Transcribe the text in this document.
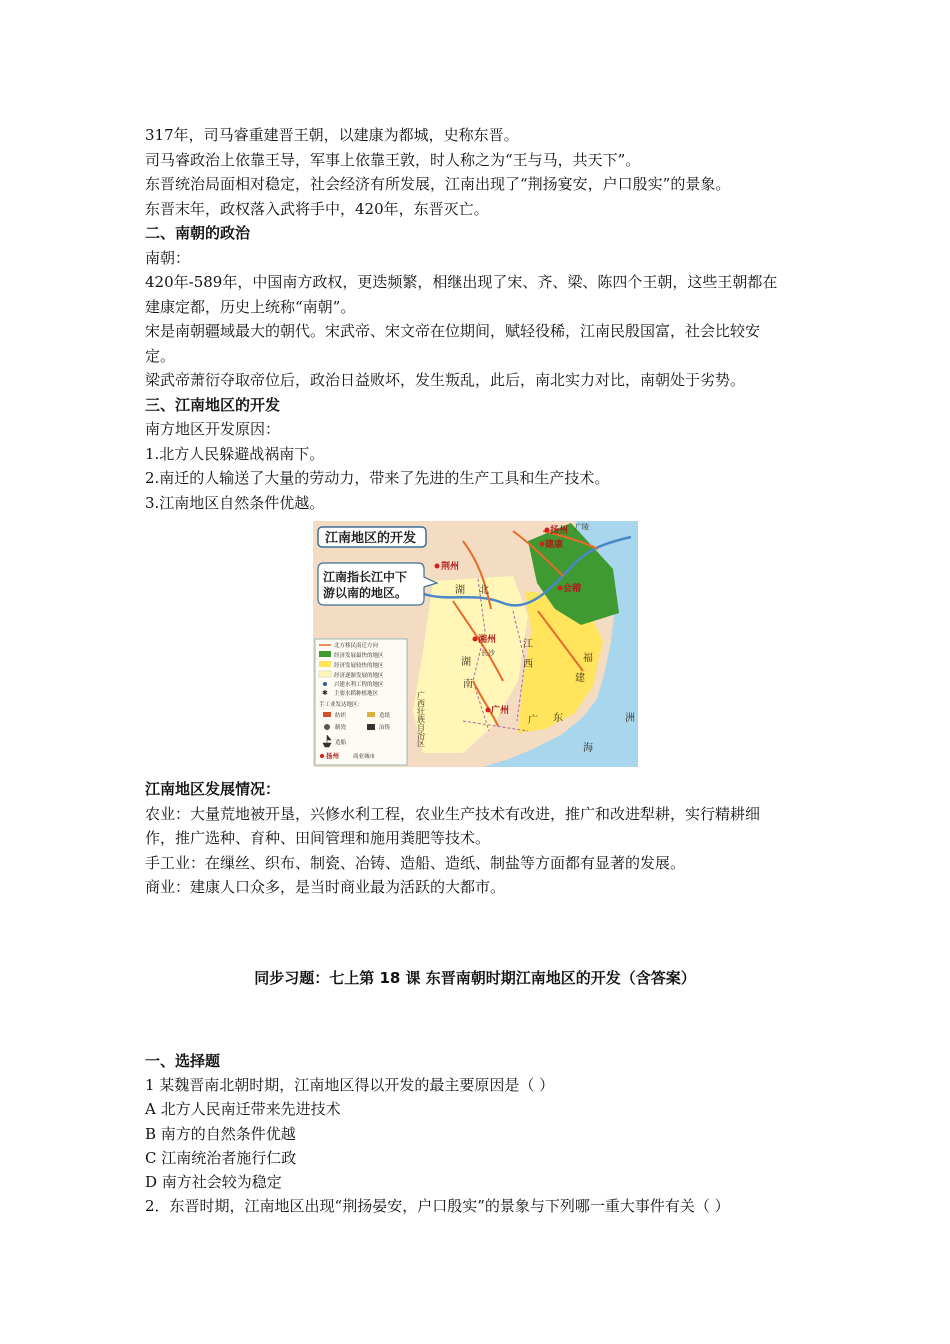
317年，司马睿重建晋王朝，以建康为都城，史称东晋。

司马睿政治上依靠王导，军事上依靠王敦，时人称之为“王与马，共天下”。

东晋统治局面相对稳定，社会经济有所发展，江南出现了“荆扬宴安，户口殷实”的景象。

东晋末年，政权落入武将手中，420年，东晋灭亡。

二、南朝的政治

南朝：

420年-589年，中国南方政权，更迭频繁，相继出现了宋、齐、梁、陈四个王朝，这些王朝都在

建康定都，历史上统称“南朝”。

宋是南朝疆域最大的朝代。宋武帝、宋文帝在位期间，赋轻役稀，江南民殷国富，社会比较安

定。

梁武帝萧衍夺取帝位后，政治日益败坏，发生叛乱，此后，南北实力对比，南朝处于劣势。

三、江南地区的开发

南方地区开发原因：

1.北方人民躲避战祸南下。

2.南迁的人输送了大量的劳动力，带来了先进的生产工具和生产技术。

3.江南地区自然条件优越。

江南地区发展情况：

农业：大量荒地被开垦，兴修水利工程，农业生产技术有改进，推广和改进犁耕，实行精耕细

作，推广选种、育种、田间管理和施用粪肥等技术。

手工业：在缫丝、织布、制瓷、冶铸、造船、造纸、制盐等方面都有显著的发展。

商业：建康人口众多，是当时商业最为活跃的大都市。

江南地区的开发
江南指长江中下
游以南的地区。	湖 北
湖
南
江
西
福
建
广 东
海
洲
广西壮族自治区
荆州
湘州
广州
扬州
建康
会稽
长沙
广陵
北方移民南迁方向
经济发展最快的地区
经济发展较快的地区
经济逐渐发展的地区
兴建水利工程的地区
✱ 主要水稻种植地区
手工业发达地区：
纺织	造纸
制瓷	冶铸
造船
扬州	商业城市
同步习题：七上第 18 课 东晋南朝时期江南地区的开发（含答案）

一、选择题

1 某魏晋南北朝时期，江南地区得以开发的最主要原因是（ ）

A 北方人民南迁带来先进技术

B 南方的自然条件优越

C 江南统治者施行仁政

D 南方社会较为稳定

2．东晋时期，江南地区出现“荆扬晏安，户口殷实”的景象与下列哪一重大事件有关（ ）
